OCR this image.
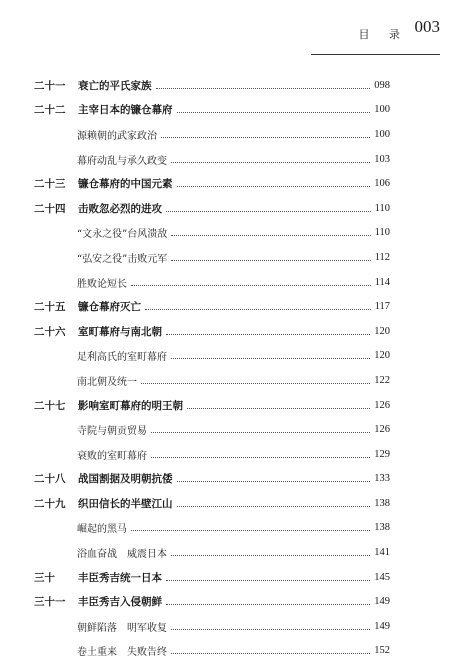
目 录 003
二十一	衰亡的平氏家族	098
二十二	主宰日本的镰仓幕府	100
源赖朝的武家政治	100
幕府动乱与承久政变	103
二十三	镰仓幕府的中国元素	106
二十四	击败忽必烈的进攻	110
“文永之役”台风溃敌	110
“弘安之役”击败元军	112
胜败论短长	114
二十五	镰仓幕府灭亡	117
二十六	室町幕府与南北朝	120
足利高氏的室町幕府	120
南北朝及统一	122
二十七	影响室町幕府的明王朝	126
寺院与朝贡贸易	126
衰败的室町幕府	129
二十八	战国割据及明朝抗倭	133
二十九	织田信长的半壁江山	138
崛起的黑马	138
浴血奋战　威震日本	141
三十	丰臣秀吉统一日本	145
三十一	丰臣秀吉入侵朝鲜	149
朝鲜陷落　明军收复	149
卷土重来　失败告终	152
